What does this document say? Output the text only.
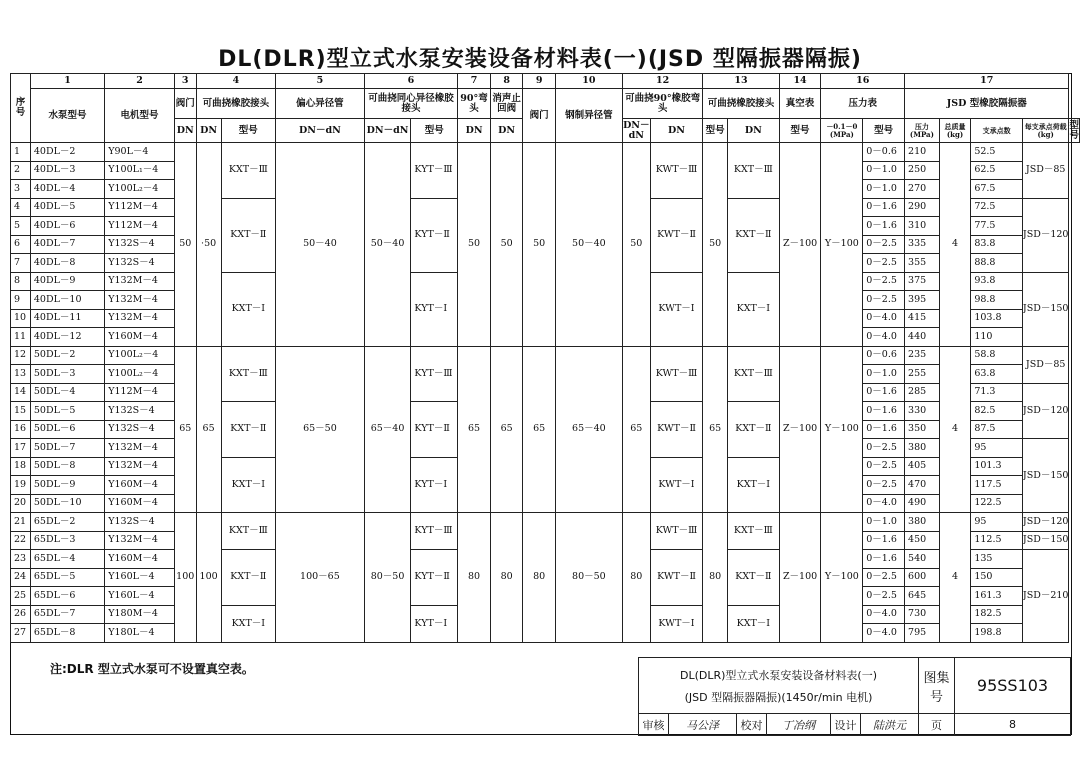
DL(DLR)型立式水泵安装设备材料表(一)(JSD 型隔振器隔振)
序号	1	2	3	4		5	6		7	8	9	10	12		13		14	16		17				
	水泵型号	电机型号	阀门	可曲挠橡胶接头		偏心异径管	可曲挠同心异径橡胶接头		90°弯头	消声止回阀	阀门	钢制异径管	可曲挠90°橡胶弯头		可曲挠橡胶接头		真空表	压力表		JSD 型橡胶隔振器				
			DN	DN	型号	DN－dN	DN－dN	型号	DN	DN			DN－dN	DN	型号	DN	型号	－0.1－0 (MPa)	型号	压力 (MPa)	总质量 (kg)	支承点数	每支承点荷载(kg)	型号
1	40DL－2	Y90L－4	50	·50	KXT－Ⅲ	50－40	50－40	KYT－Ⅲ	50	50	50	50－40	50	KWT－Ⅲ	50	KXT－Ⅲ	Z－100	Y－100	0－0.6	210	4	52.5	JSD－85	
2	40DL－3	Y100L₁－4																	0－1.0	250		62.5		
3	40DL－4	Y100L₂－4																	0－1.0	270		67.5		
4	40DL－5	Y112M－4			KXT－Ⅱ			KYT－Ⅱ						KWT－Ⅱ		KXT－Ⅱ			0－1.6	290		72.5	JSD－120	
5	40DL－6	Y112M－4																	0－1.6	310		77.5		
6	40DL－7	Y132S－4																	0－2.5	335		83.8		
7	40DL－8	Y132S－4																	0－2.5	355		88.8		
8	40DL－9	Y132M－4			KXT－Ⅰ			KYT－Ⅰ						KWT－Ⅰ		KXT－Ⅰ			0－2.5	375		93.8	JSD－150	
9	40DL－10	Y132M－4																	0－2.5	395		98.8		
10	40DL－11	Y132M－4																	0－4.0	415		103.8		
11	40DL－12	Y160M－4																	0－4.0	440		110		
12	50DL－2	Y100L₂－4	65	65	KXT－Ⅲ	65－50	65－40	KYT－Ⅲ	65	65	65	65－40	65	KWT－Ⅲ	65	KXT－Ⅲ	Z－100	Y－100	0－0.6	235	4	58.8	JSD－85	
13	50DL－3	Y100L₂－4																	0－1.0	255		63.8		
14	50DL－4	Y112M－4																	0－1.6	285		71.3	JSD－120	
15	50DL－5	Y132S－4			KXT－Ⅱ			KYT－Ⅱ						KWT－Ⅱ		KXT－Ⅱ			0－1.6	330		82.5		
16	50DL－6	Y132S－4																	0－1.6	350		87.5		
17	50DL－7	Y132M－4																	0－2.5	380		95	JSD－150	
18	50DL－8	Y132M－4			KXT－Ⅰ			KYT－Ⅰ						KWT－Ⅰ		KXT－Ⅰ			0－2.5	405		101.3		
19	50DL－9	Y160M－4																	0－2.5	470		117.5		
20	50DL－10	Y160M－4																	0－4.0	490		122.5		
21	65DL－2	Y132S－4	100	100	KXT－Ⅲ	100－65	80－50	KYT－Ⅲ	80	80	80	80－50	80	KWT－Ⅲ	80	KXT－Ⅲ	Z－100	Y－100	0－1.0	380	4	95	JSD－120	
22	65DL－3	Y132M－4																	0－1.6	450		112.5	JSD－150	
23	65DL－4	Y160M－4			KXT－Ⅱ			KYT－Ⅱ						KWT－Ⅱ		KXT－Ⅱ			0－1.6	540		135	JSD－210	
24	65DL－5	Y160L－4																	0－2.5	600		150		
25	65DL－6	Y160L－4																	0－2.5	645		161.3		
26	65DL－7	Y180M－4			KXT－Ⅰ			KYT－Ⅰ						KWT－Ⅰ		KXT－Ⅰ			0－4.0	730		182.5		
27	65DL－8	Y180L－4																	0－4.0	795		198.8		
注:DLR 型立式水泵可不设置真空表。	DL(DLR)型立式水泵安装设备材料表(一)
(JSD 型隔振器隔振)(1450r/min 电机)						图集号	95SS103
审核	马公泽	校对	丁冶纲	设计	陆洪元	页	8
